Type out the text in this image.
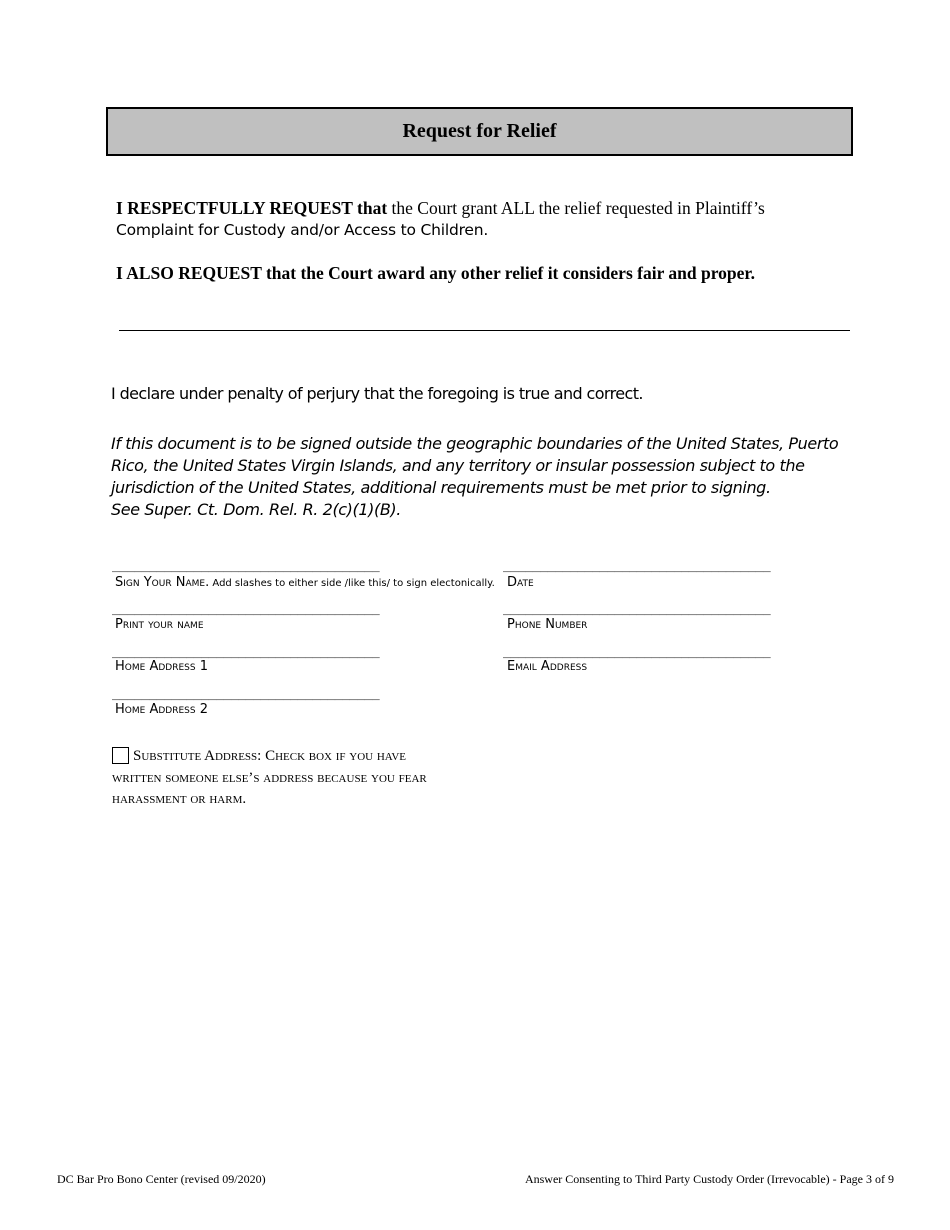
Request for Relief
I RESPECTFULLY REQUEST that the Court grant ALL the relief requested in Plaintiff’s
Complaint for Custody and/or Access to Children.
I ALSO REQUEST that the Court award any other relief it considers fair and proper.
I declare under penalty of perjury that the foregoing is true and correct.
If this document is to be signed outside the geographic boundaries of the United States, Puerto Rico, the United States Virgin Islands, and any territory or insular possession subject to the jurisdiction of the United States, additional requirements must be met prior to signing.
See Super. Ct. Dom. Rel. R. 2(c)(1)(B).
____________________________________
Sign Your Name. Add slashes to either side /like this/ to sign electonically.
____________________________________
Print your name
____________________________________
Home Address 1
____________________________________
Home Address 2
____________________________________
Date
____________________________________
Phone Number
____________________________________
Email Address
Substitute Address: Check box if you have written someone else’s address because you fear harassment or harm.
DC Bar Pro Bono Center (revised 09/2020)	Answer Consenting to Third Party Custody Order (Irrevocable) - Page 3 of 9
